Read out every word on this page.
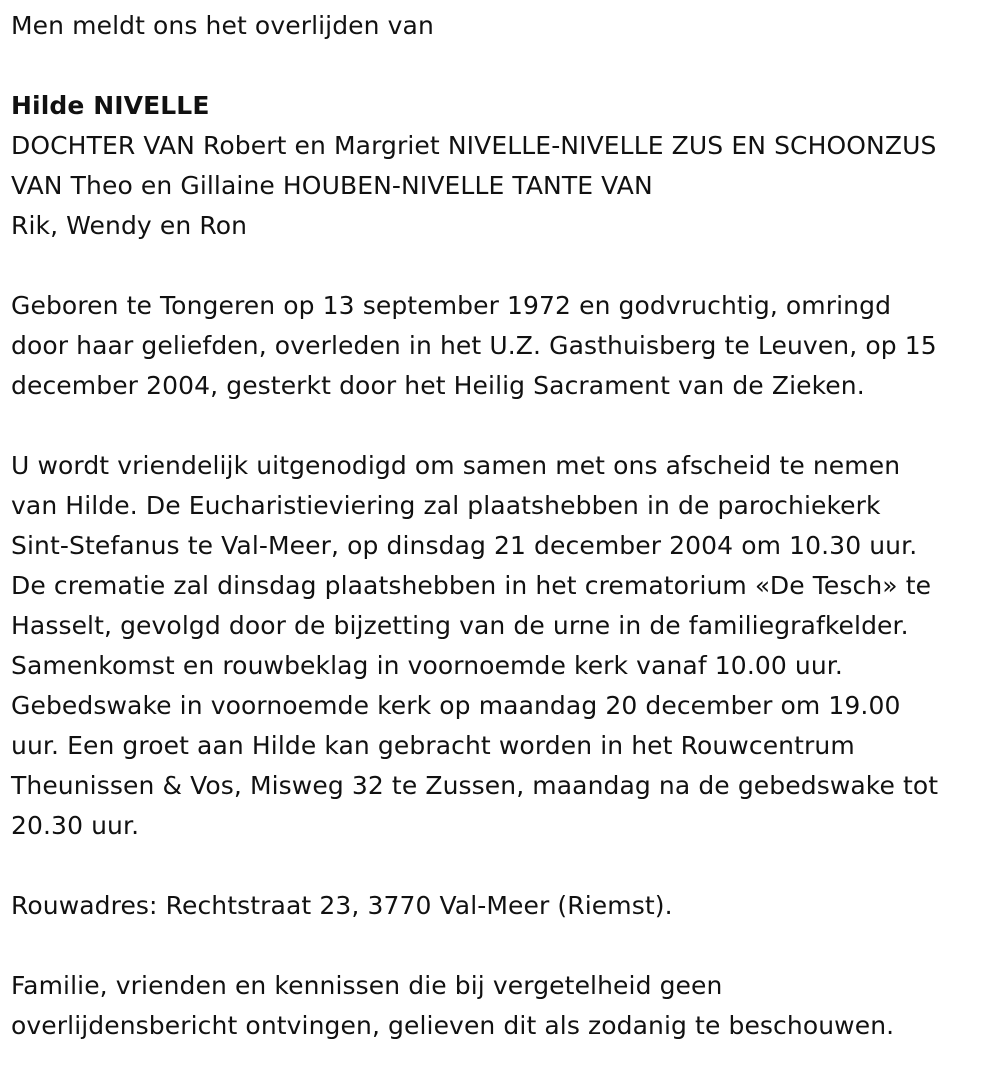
Men meldt ons het overlijden van

Hilde NIVELLE

DOCHTER VAN Robert en Margriet NIVELLE-NIVELLE ZUS EN SCHOONZUS
VAN Theo en Gillaine HOUBEN-NIVELLE TANTE VAN

Rik, Wendy en Ron

Geboren te Tongeren op 13 september 1972 en godvruchtig, omringd
door haar geliefden, overleden in het U.Z. Gasthuisberg te Leuven, op 15
december 2004, gesterkt door het Heilig Sacrament van de Zieken.

U wordt vriendelijk uitgenodigd om samen met ons afscheid te nemen
van Hilde. De Eucharistieviering zal plaatshebben in de parochiekerk
Sint-Stefanus te Val-Meer, op dinsdag 21 december 2004 om 10.30 uur.
De crematie zal dinsdag plaatshebben in het crematorium «De Tesch» te
Hasselt, gevolgd door de bijzetting van de urne in de familiegrafkelder.
Samenkomst en rouwbeklag in voornoemde kerk vanaf 10.00 uur.
Gebedswake in voornoemde kerk op maandag 20 december om 19.00
uur. Een groet aan Hilde kan gebracht worden in het Rouwcentrum
Theunissen & Vos, Misweg 32 te Zussen, maandag na de gebedswake tot
20.30 uur.

Rouwadres: Rechtstraat 23, 3770 Val-Meer (Riemst).

Familie, vrienden en kennissen die bij vergetelheid geen
overlijdensbericht ontvingen, gelieven dit als zodanig te beschouwen.
